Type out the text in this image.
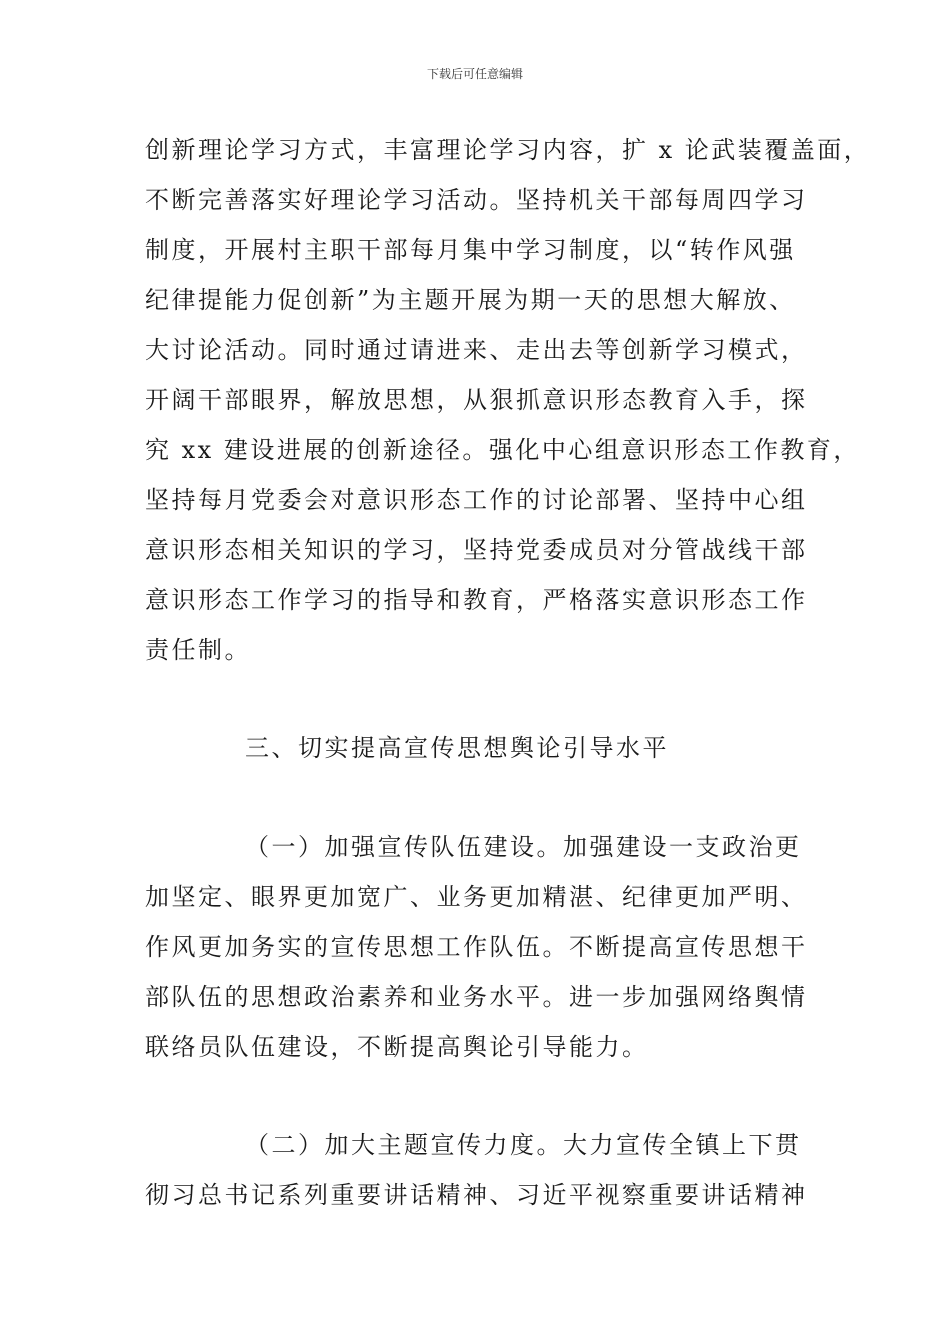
下载后可任意编辑
创新理论学习方式，丰富理论学习内容，扩 x 论武装覆盖面，
不断完善落实好理论学习活动。坚持机关干部每周四学习
制度，开展村主职干部每月集中学习制度，以“转作风强
纪律提能力促创新”为主题开展为期一天的思想大解放、
大讨论活动。同时通过请进来、走出去等创新学习模式，
开阔干部眼界，解放思想，从狠抓意识形态教育入手，探
究 xx 建设进展的创新途径。强化中心组意识形态工作教育，
坚持每月党委会对意识形态工作的讨论部署、坚持中心组
意识形态相关知识的学习，坚持党委成员对分管战线干部
意识形态工作学习的指导和教育，严格落实意识形态工作
责任制。
三、切实提高宣传思想舆论引导水平
（一）加强宣传队伍建设。加强建设一支政治更
加坚定、眼界更加宽广、业务更加精湛、纪律更加严明、
作风更加务实的宣传思想工作队伍。不断提高宣传思想干
部队伍的思想政治素养和业务水平。进一步加强网络舆情
联络员队伍建设，不断提高舆论引导能力。
（二）加大主题宣传力度。大力宣传全镇上下贯
彻习总书记系列重要讲话精神、习近平视察重要讲话精神
